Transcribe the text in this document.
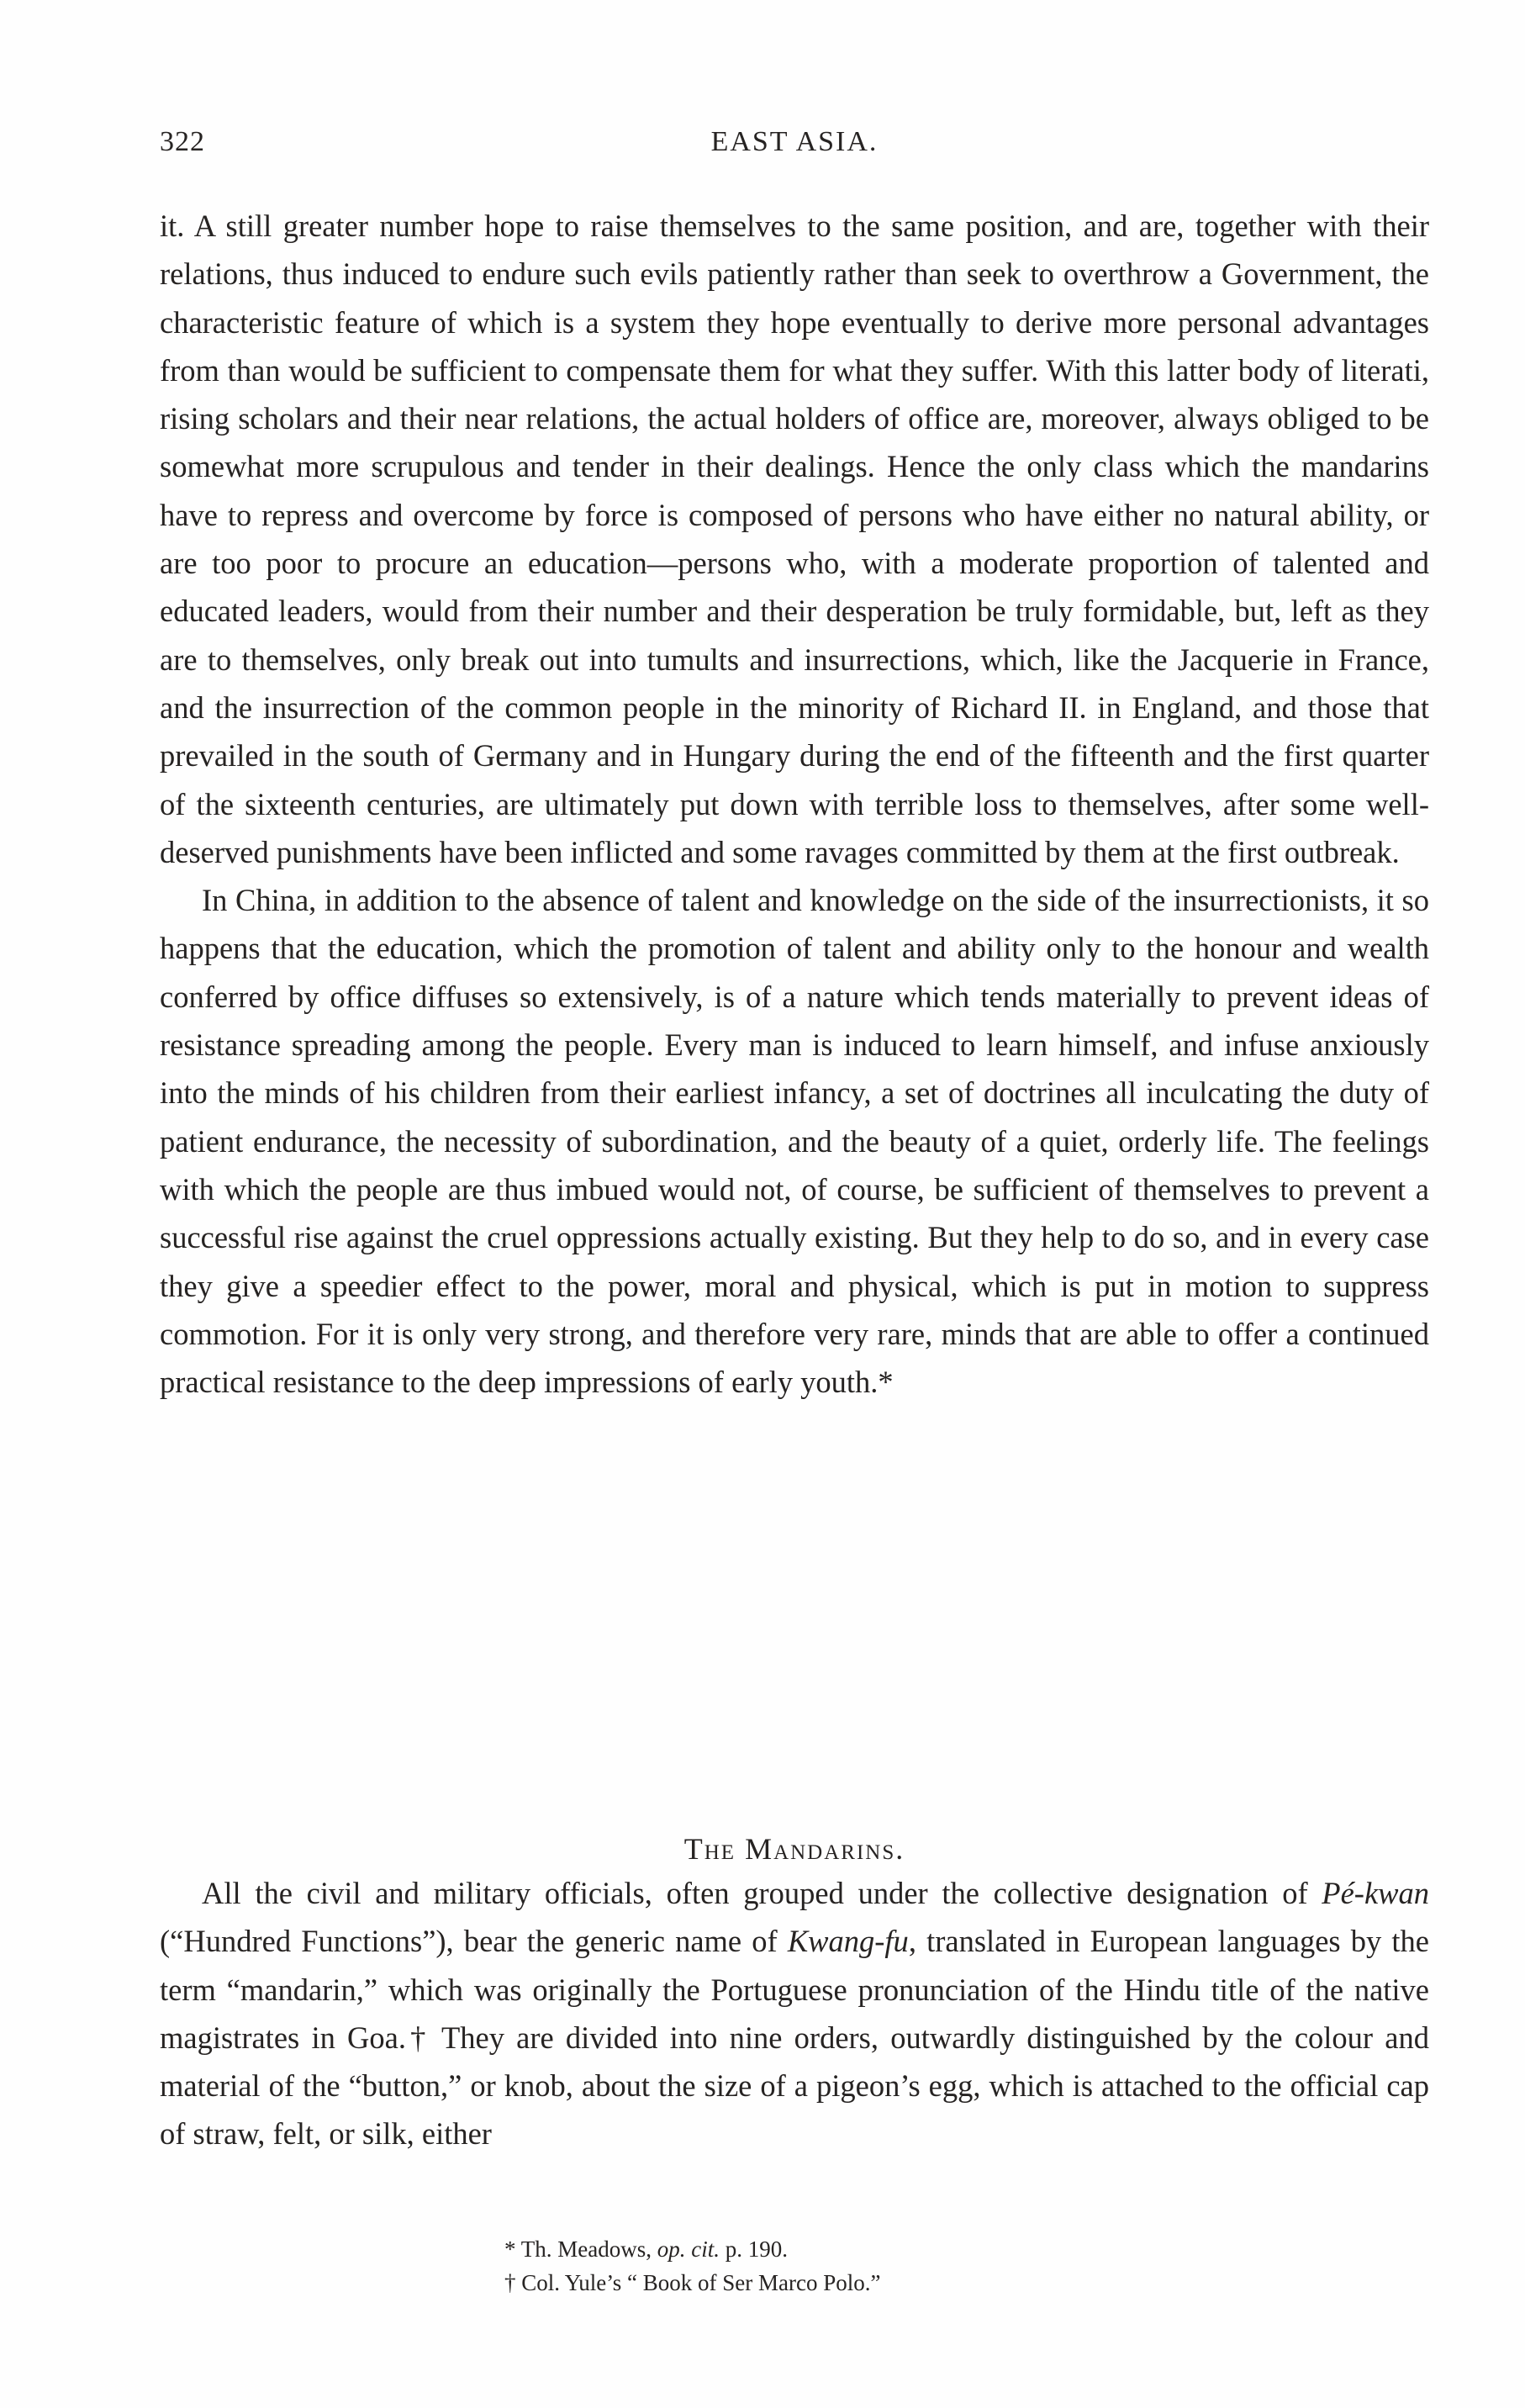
322	EAST ASIA.

it. A still greater number hope to raise themselves to the same position, and are, together with their relations, thus induced to endure such evils patiently rather than seek to overthrow a Government, the characteristic feature of which is a system they hope eventually to derive more personal advantages from than would be sufficient to compensate them for what they suffer. With this latter body of literati, rising scholars and their near relations, the actual holders of office are, moreover, always obliged to be somewhat more scrupulous and tender in their dealings. Hence the only class which the mandarins have to repress and overcome by force is composed of persons who have either no natural ability, or are too poor to procure an education—persons who, with a moderate proportion of talented and educated leaders, would from their number and their desperation be truly formidable, but, left as they are to themselves, only break out into tumults and insurrections, which, like the Jacquerie in France, and the insurrection of the common people in the minority of Richard II. in England, and those that prevailed in the south of Germany and in Hungary during the end of the fifteenth and the first quarter of the sixteenth centuries, are ultimately put down with terrible loss to themselves, after some well-deserved punishments have been inflicted and some ravages committed by them at the first outbreak.

In China, in addition to the absence of talent and knowledge on the side of the insurrectionists, it so happens that the education, which the promotion of talent and ability only to the honour and wealth conferred by office diffuses so extensively, is of a nature which tends materially to prevent ideas of resistance spreading among the people. Every man is induced to learn himself, and infuse anxiously into the minds of his children from their earliest infancy, a set of doctrines all inculcating the duty of patient endurance, the necessity of subordination, and the beauty of a quiet, orderly life. The feelings with which the people are thus imbued would not, of course, be sufficient of themselves to prevent a successful rise against the cruel oppressions actually existing. But they help to do so, and in every case they give a speedier effect to the power, moral and physical, which is put in motion to suppress commotion. For it is only very strong, and therefore very rare, minds that are able to offer a continued practical resistance to the deep impressions of early youth.*

The Mandarins.

All the civil and military officials, often grouped under the collective designation of Pé-kwan (“Hundred Functions”), bear the generic name of Kwang-fu, translated in European languages by the term “mandarin,” which was originally the Portuguese pronunciation of the Hindu title of the native magistrates in Goa.† They are divided into nine orders, outwardly distinguished by the colour and material of the “button,” or knob, about the size of a pigeon’s egg, which is attached to the official cap of straw, felt, or silk, either

* Th. Meadows, op. cit. p. 190.
† Col. Yule’s “ Book of Ser Marco Polo.”
